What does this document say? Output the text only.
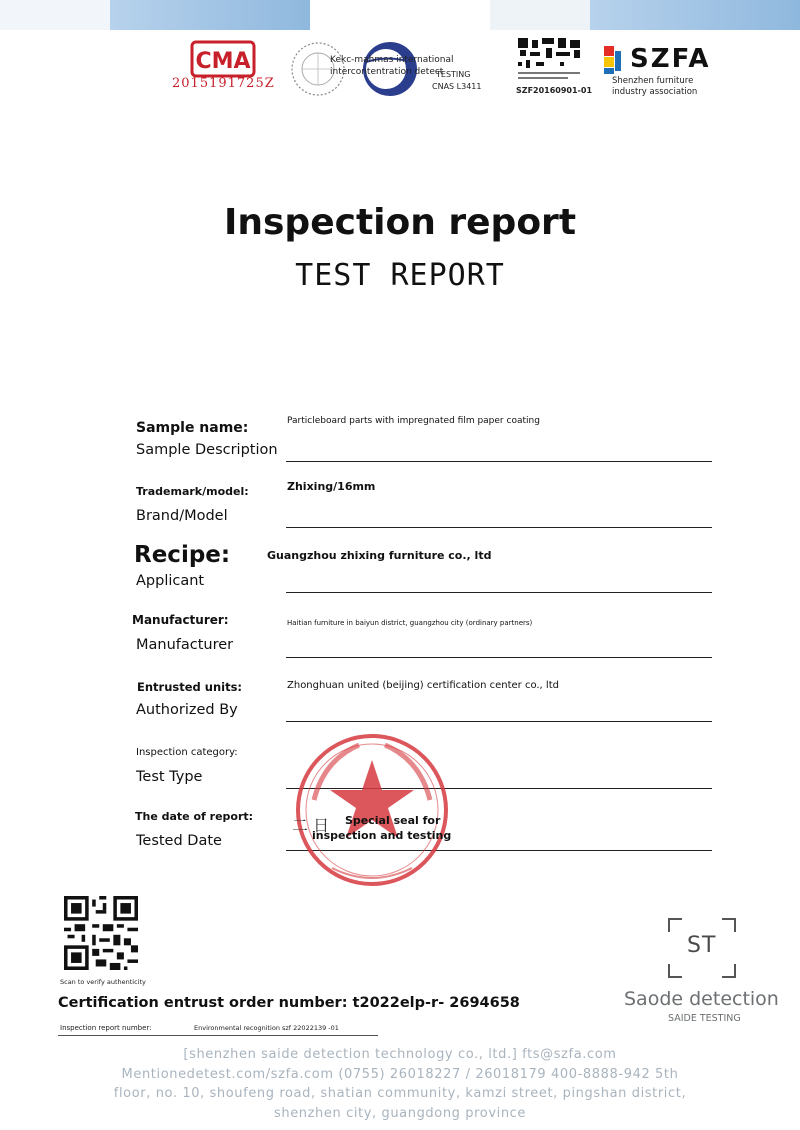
CMA
2015191725Z
Kekc-mahmas international
intercontentration detect
TESTING
CNAS L3411	SZF20160901-01
SZFA
Shenzhen furniture
industry association
Inspection report
TEST REPORT
Sample name:
Sample Description
Particleboard parts with impregnated film paper coating
Trademark/model:
Brand/Model
Zhixing/16mm
Recipe:
Applicant
Guangzhou zhixing furniture co., ltd
Manufacturer:
Manufacturer
Haitian furniture in baiyun district, guangzhou city (ordinary partners)
Entrusted units:
Authorized By
Zhonghuan united (beijing) certification center co., ltd
Inspection category:
Test Type
The date of report:
Tested Date
二 日 Special seal for
inspection and testing
Scan to verify authenticity
Certification entrust order number: t2022elp-r- 2694658
Inspection report number:	Environmental recognition szf 22022139 -01
ST
Saode detection
SAIDE TESTING
[shenzhen saide detection technology co., ltd.] fts@szfa.com
Mentionedetest.com/szfa.com (0755) 26018227 / 26018179 400-8888-942 5th
floor, no. 10, shoufeng road, shatian community, kamzi street, pingshan district,
shenzhen city, guangdong province
